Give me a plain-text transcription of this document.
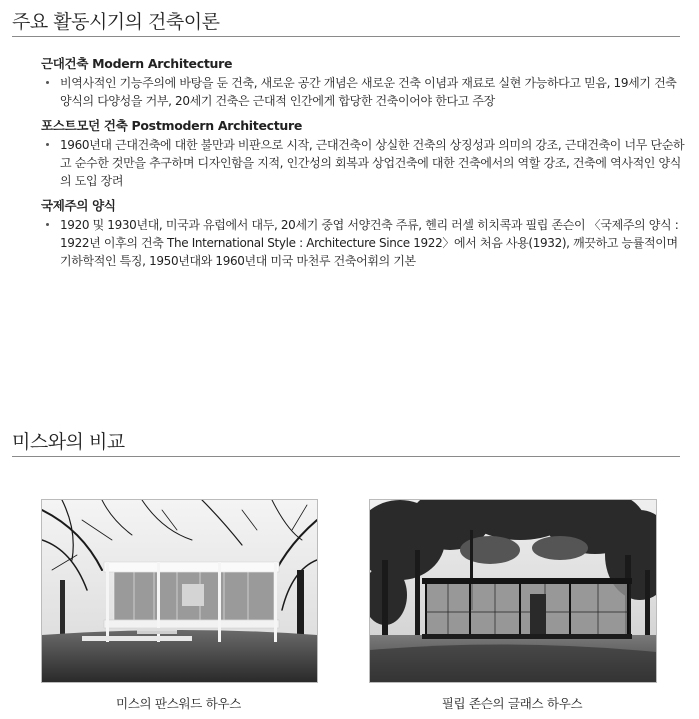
주요 활동시기의 건축이론
근대건축 Modern Architecture

비역사적인 기능주의에 바탕을 둔 건축, 새로운 공간 개념은 새로운 건축 이념과 재료로 실현 가능하다고 믿음, 19세기 건축 양식의 다양성을 거부, 20세기 건축은 근대적 인간에게 합당한 건축이어야 한다고 주장

포스트모던 건축 Postmodern Architecture

1960년대 근대건축에 대한 불만과 비판으로 시작, 근대건축이 상실한 건축의 상징성과 의미의 강조, 근대건축이 너무 단순하고 순수한 것만을 추구하며 디자인함을 지적, 인간성의 회복과 상업건축에 대한 건축에서의 역할 강조, 건축에 역사적인 양식의 도입 장려

국제주의 양식

1920 및 1930년대, 미국과 유럽에서 대두, 20세기 중엽 서양건축 주류, 헨리 러셀 히치콕과 필립 존슨이 〈국제주의 양식 : 1922년 이후의 건축 The International Style : Architecture Since 1922〉에서 처음 사용(1932), 깨끗하고 능률적이며 기하학적인 특징, 1950년대와 1960년대 미국 마천루 건축어휘의 기본

미스와의 비교
미스의 판스워드 하우스	필립 존슨의 글래스 하우스
